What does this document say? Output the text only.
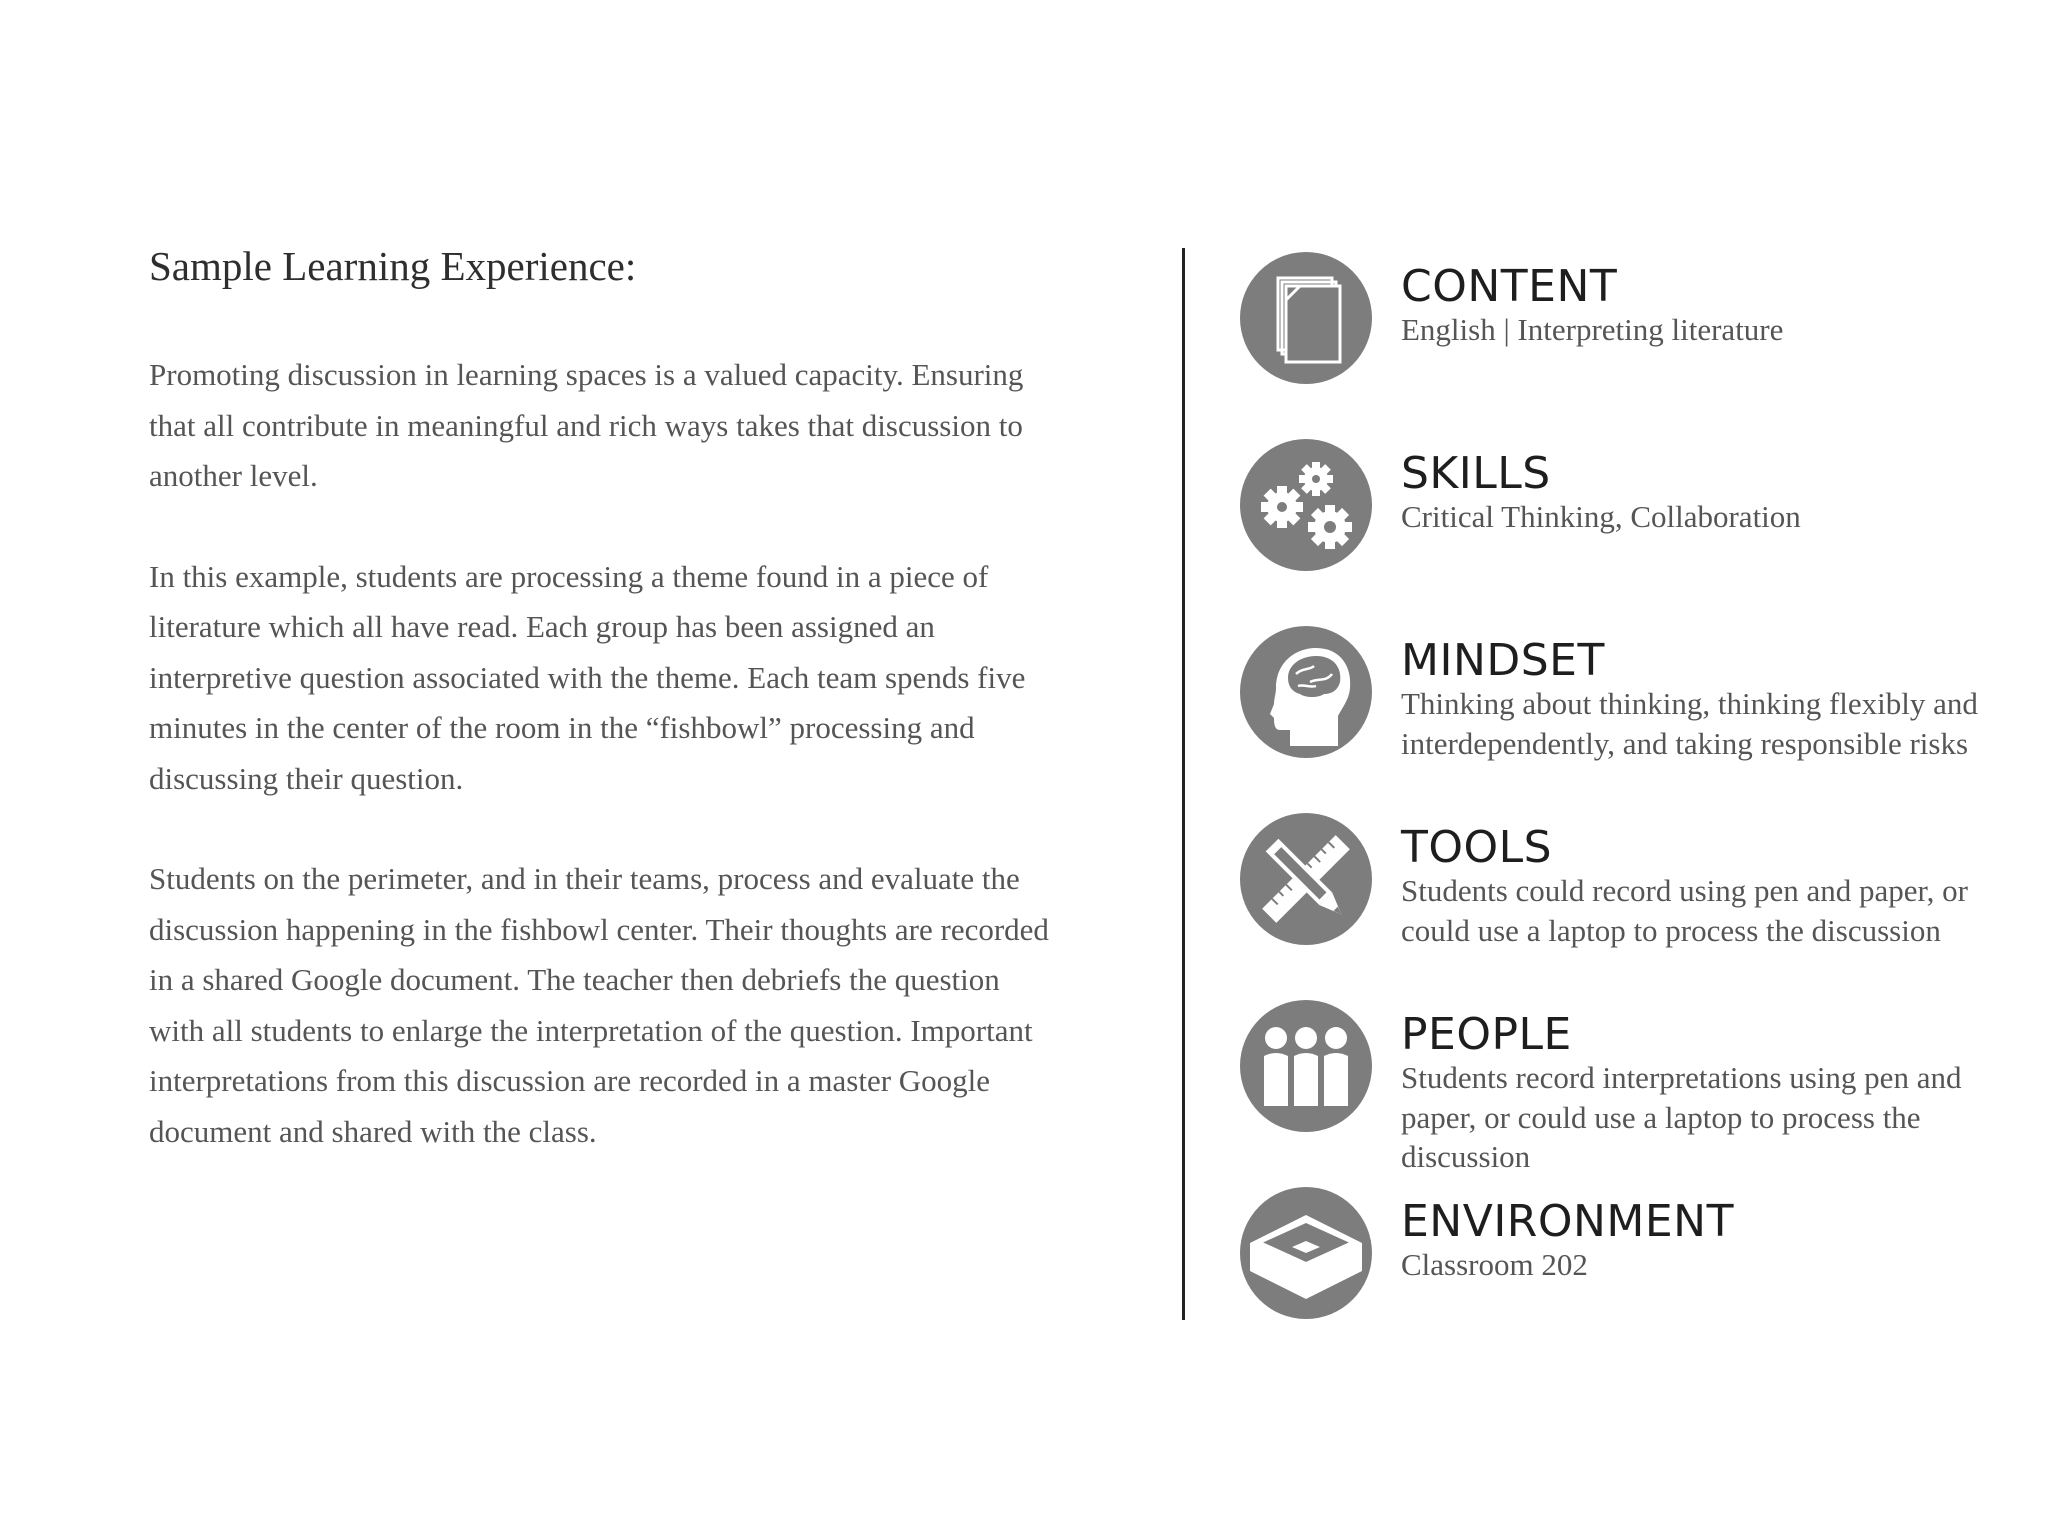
Sample Learning Experience:

Promoting discussion in learning spaces is a valued capacity. Ensuring that all contribute in meaningful and rich ways takes that discussion to another level.

In this example, students are processing a theme found in a piece of literature which all have read. Each group has been assigned an interpretive question associated with the theme. Each team spends five minutes in the center of the room in the “fishbowl” processing and discussing their question.

Students on the perimeter, and in their teams, process and evaluate the discussion happening in the fishbowl center. Their thoughts are recorded in a shared Google document. The teacher then debriefs the question with all students to enlarge the interpretation of the question. Important interpretations from this discussion are recorded in a master Google document and shared with the class.

CONTENT
English | Interpreting literature
SKILLS
Critical Thinking, Collaboration
MINDSET
Thinking about thinking, thinking flexibly and interdependently, and taking responsible risks
TOOLS
Students could record using pen and paper, or could use a laptop to process the discussion
PEOPLE
Students record interpretations using pen and paper, or could use a laptop to process the discussion
ENVIRONMENT
Classroom 202
